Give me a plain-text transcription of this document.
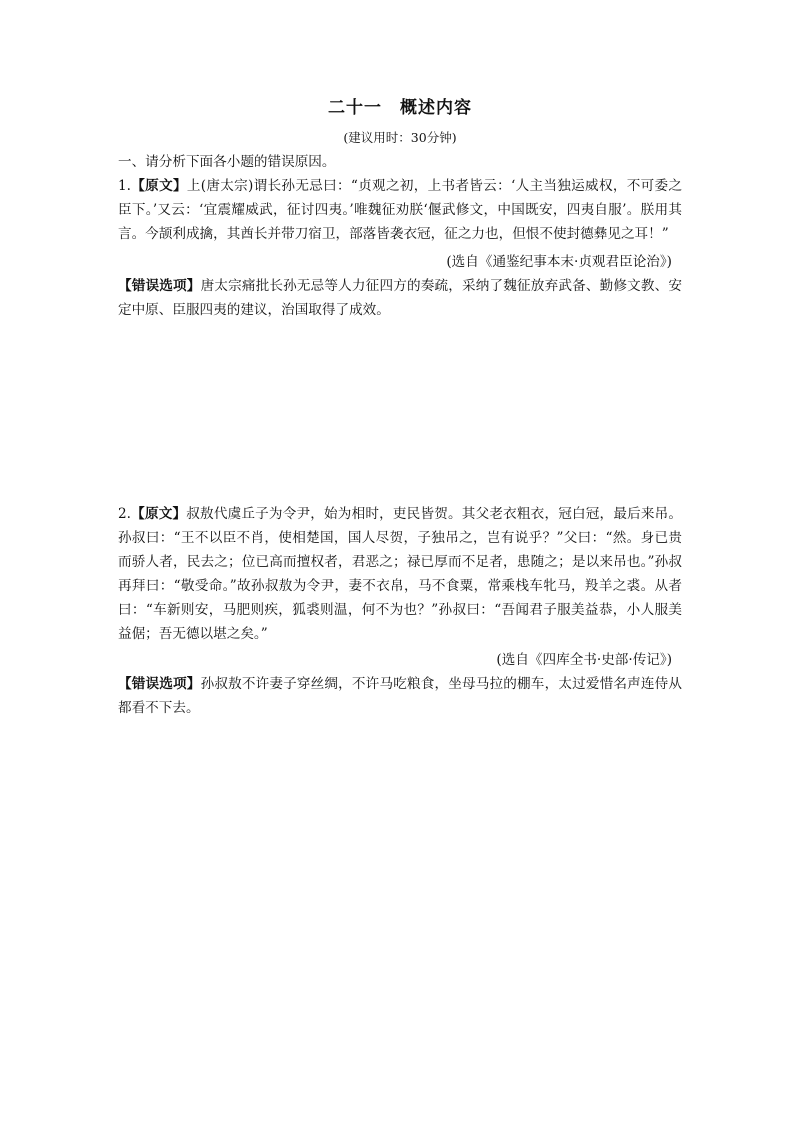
二十一 概述内容
(建议用时：30分钟)

一、请分析下面各小题的错误原因。

1.【原文】上(唐太宗)谓长孙无忌曰：“贞观之初，上书者皆云：‘人主当独运威权，不可委之臣下。’又云：‘宜震耀威武，征讨四夷。’唯魏征劝朕‘偃武修文，中国既安，四夷自服’。朕用其言。今颉利成擒，其酋长并带刀宿卫，部落皆袭衣冠，征之力也，但恨不使封德彝见之耳！”

(选自《通鉴纪事本末·贞观君臣论治》)

【错误选项】唐太宗痛批长孙无忌等人力征四方的奏疏，采纳了魏征放弃武备、勤修文教、安定中原、臣服四夷的建议，治国取得了成效。

2.【原文】叔敖代虞丘子为令尹，始为相时，吏民皆贺。其父老衣粗衣，冠白冠，最后来吊。孙叔曰：“王不以臣不肖，使相楚国，国人尽贺，子独吊之，岂有说乎？”父曰：“然。身已贵而骄人者，民去之；位已高而擅权者，君恶之；禄已厚而不足者，患随之；是以来吊也。”孙叔再拜曰：“敬受命。”故孙叔敖为令尹，妻不衣帛，马不食粟，常乘栈车牝马，羖羊之裘。从者曰：“车新则安，马肥则疾，狐裘则温，何不为也？”孙叔曰：“吾闻君子服美益恭，小人服美益倨；吾无德以堪之矣。”

(选自《四库全书·史部·传记》)

【错误选项】孙叔敖不许妻子穿丝绸，不许马吃粮食，坐母马拉的棚车，太过爱惜名声连侍从都看不下去。
